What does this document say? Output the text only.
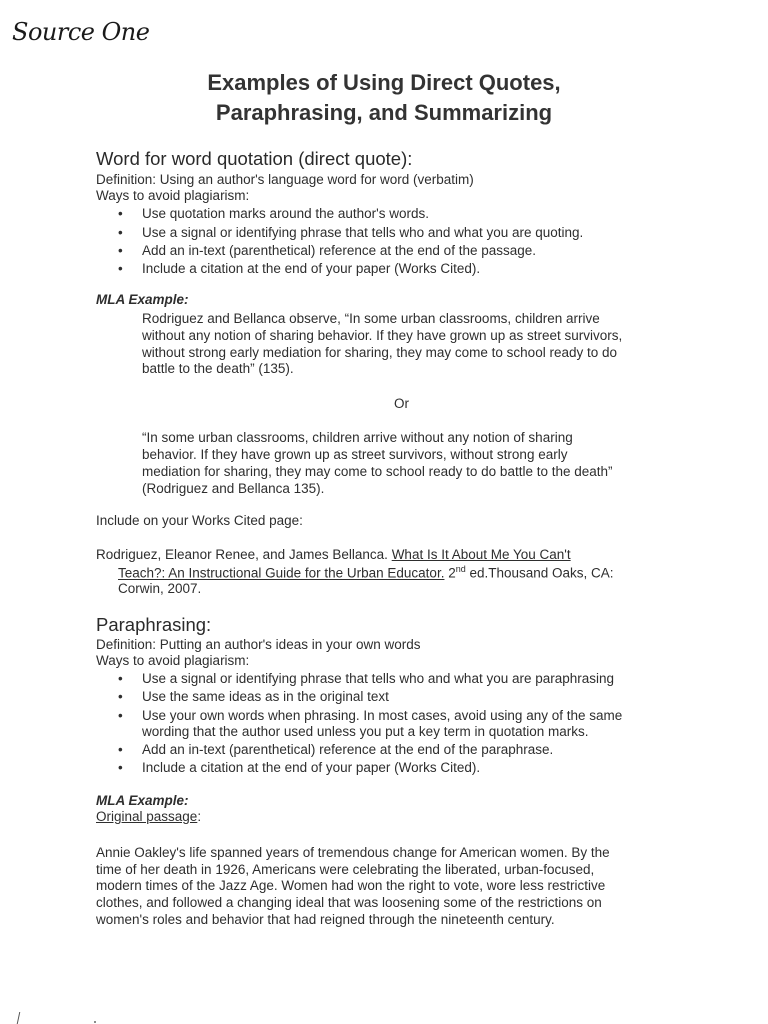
Source One
Examples of Using Direct Quotes,
Paraphrasing, and Summarizing
Word for word quotation (direct quote):
Definition: Using an author's language word for word (verbatim)
Ways to avoid plagiarism:
• Use quotation marks around the author's words.
• Use a signal or identifying phrase that tells who and what you are quoting.
• Add an in-text (parenthetical) reference at the end of the passage.
• Include a citation at the end of your paper (Works Cited).
MLA Example:
Rodriguez and Bellanca observe, “In some urban classrooms, children arrive
without any notion of sharing behavior. If they have grown up as street survivors,
without strong early mediation for sharing, they may come to school ready to do
battle to the death” (135).
Or
“In some urban classrooms, children arrive without any notion of sharing
behavior. If they have grown up as street survivors, without strong early
mediation for sharing, they may come to school ready to do battle to the death”
(Rodriguez and Bellanca 135).
Include on your Works Cited page:
Rodriguez, Eleanor Renee, and James Bellanca. What Is It About Me You Can't
Teach?: An Instructional Guide for the Urban Educator. 2nd ed.Thousand Oaks, CA:
Corwin, 2007.
Paraphrasing:
Definition: Putting an author's ideas in your own words
Ways to avoid plagiarism:
• Use a signal or identifying phrase that tells who and what you are paraphrasing
• Use the same ideas as in the original text
• Use your own words when phrasing. In most cases, avoid using any of the same
wording that the author used unless you put a key term in quotation marks.
• Add an in-text (parenthetical) reference at the end of the paraphrase.
• Include a citation at the end of your paper (Works Cited).
MLA Example:
Original passage:
Annie Oakley's life spanned years of tremendous change for American women. By the
time of her death in 1926, Americans were celebrating the liberated, urban-focused,
modern times of the Jazz Age. Women had won the right to vote, wore less restrictive
clothes, and followed a changing ideal that was loosening some of the restrictions on
women's roles and behavior that had reigned through the nineteenth century.
